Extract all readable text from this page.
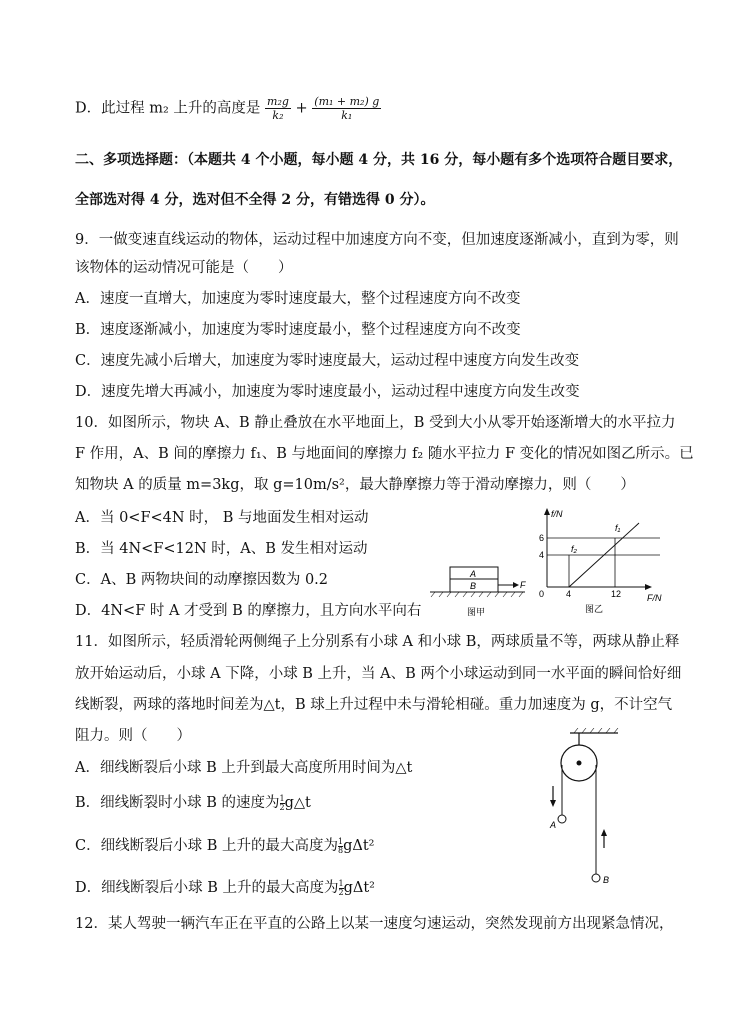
D．此过程 m₂ 上升的高度是 $\frac{\text{m₂g}}{\text{k₂}} + \frac{\text{(m₁ + m₂) g}}{\text{k₁}}$
二、多项选择题：（本题共 4 个小题，每小题 4 分，共 16 分，每小题有多个选项符合题目要求，
全部选对得 4 分，选对但不全得 2 分，有错选得 0 分）。
9．一做变速直线运动的物体，运动过程中加速度方向不变，但加速度逐渐减小，直到为零，则
该物体的运动情况可能是（　　）
A．速度一直增大，加速度为零时速度最大，整个过程速度方向不改变
B．速度逐渐减小，加速度为零时速度最小，整个过程速度方向不改变
C．速度先减小后增大，加速度为零时速度最大，运动过程中速度方向发生改变
D．速度先增大再减小，加速度为零时速度最小，运动过程中速度方向发生改变
10．如图所示，物块 A、B 静止叠放在水平地面上，B 受到大小从零开始逐渐增大的水平拉力
F 作用，A、B 间的摩擦力 f₁、B 与地面间的摩擦力 f₂ 随水平拉力 F 变化的情况如图乙所示。已
知物块 A 的质量 m=3kg，取 g=10m/s²，最大静摩擦力等于滑动摩擦力，则（　　）
A．当 0<F<4N 时， B 与地面发生相对运动
B．当 4N<F<12N 时，A、B 发生相对运动
C．A、B 两物块间的动摩擦因数为 0.2
D．4N<F 时 A 才受到 B 的摩擦力，且方向水平向右
A
B	F
图甲
f/N
F/N
0
6
4
4	12
f₁
f₂
图乙
11．如图所示，轻质滑轮两侧绳子上分别系有小球 A 和小球 B，两球质量不等，两球从静止释
放开始运动后，小球 A 下降，小球 B 上升，当 A、B 两个小球运动到同一水平面的瞬间恰好细
线断裂，两球的落地时间差为△t，B 球上升过程中未与滑轮相碰。重力加速度为 g，不计空气
阻力。则（　　）
A．细线断裂后小球 B 上升到最大高度所用时间为△t
B．细线断裂时小球 B 的速度为 $\frac{1}{2}g\triangle t$
C．细线断裂后小球 B 上升的最大高度为 $\frac{1}{8}g\Delta t^2$
D．细线断裂后小球 B 上升的最大高度为 $\frac{1}{2}g\Delta t^2$
A
B
12．某人驾驶一辆汽车正在平直的公路上以某一速度匀速运动，突然发现前方出现紧急情况，
